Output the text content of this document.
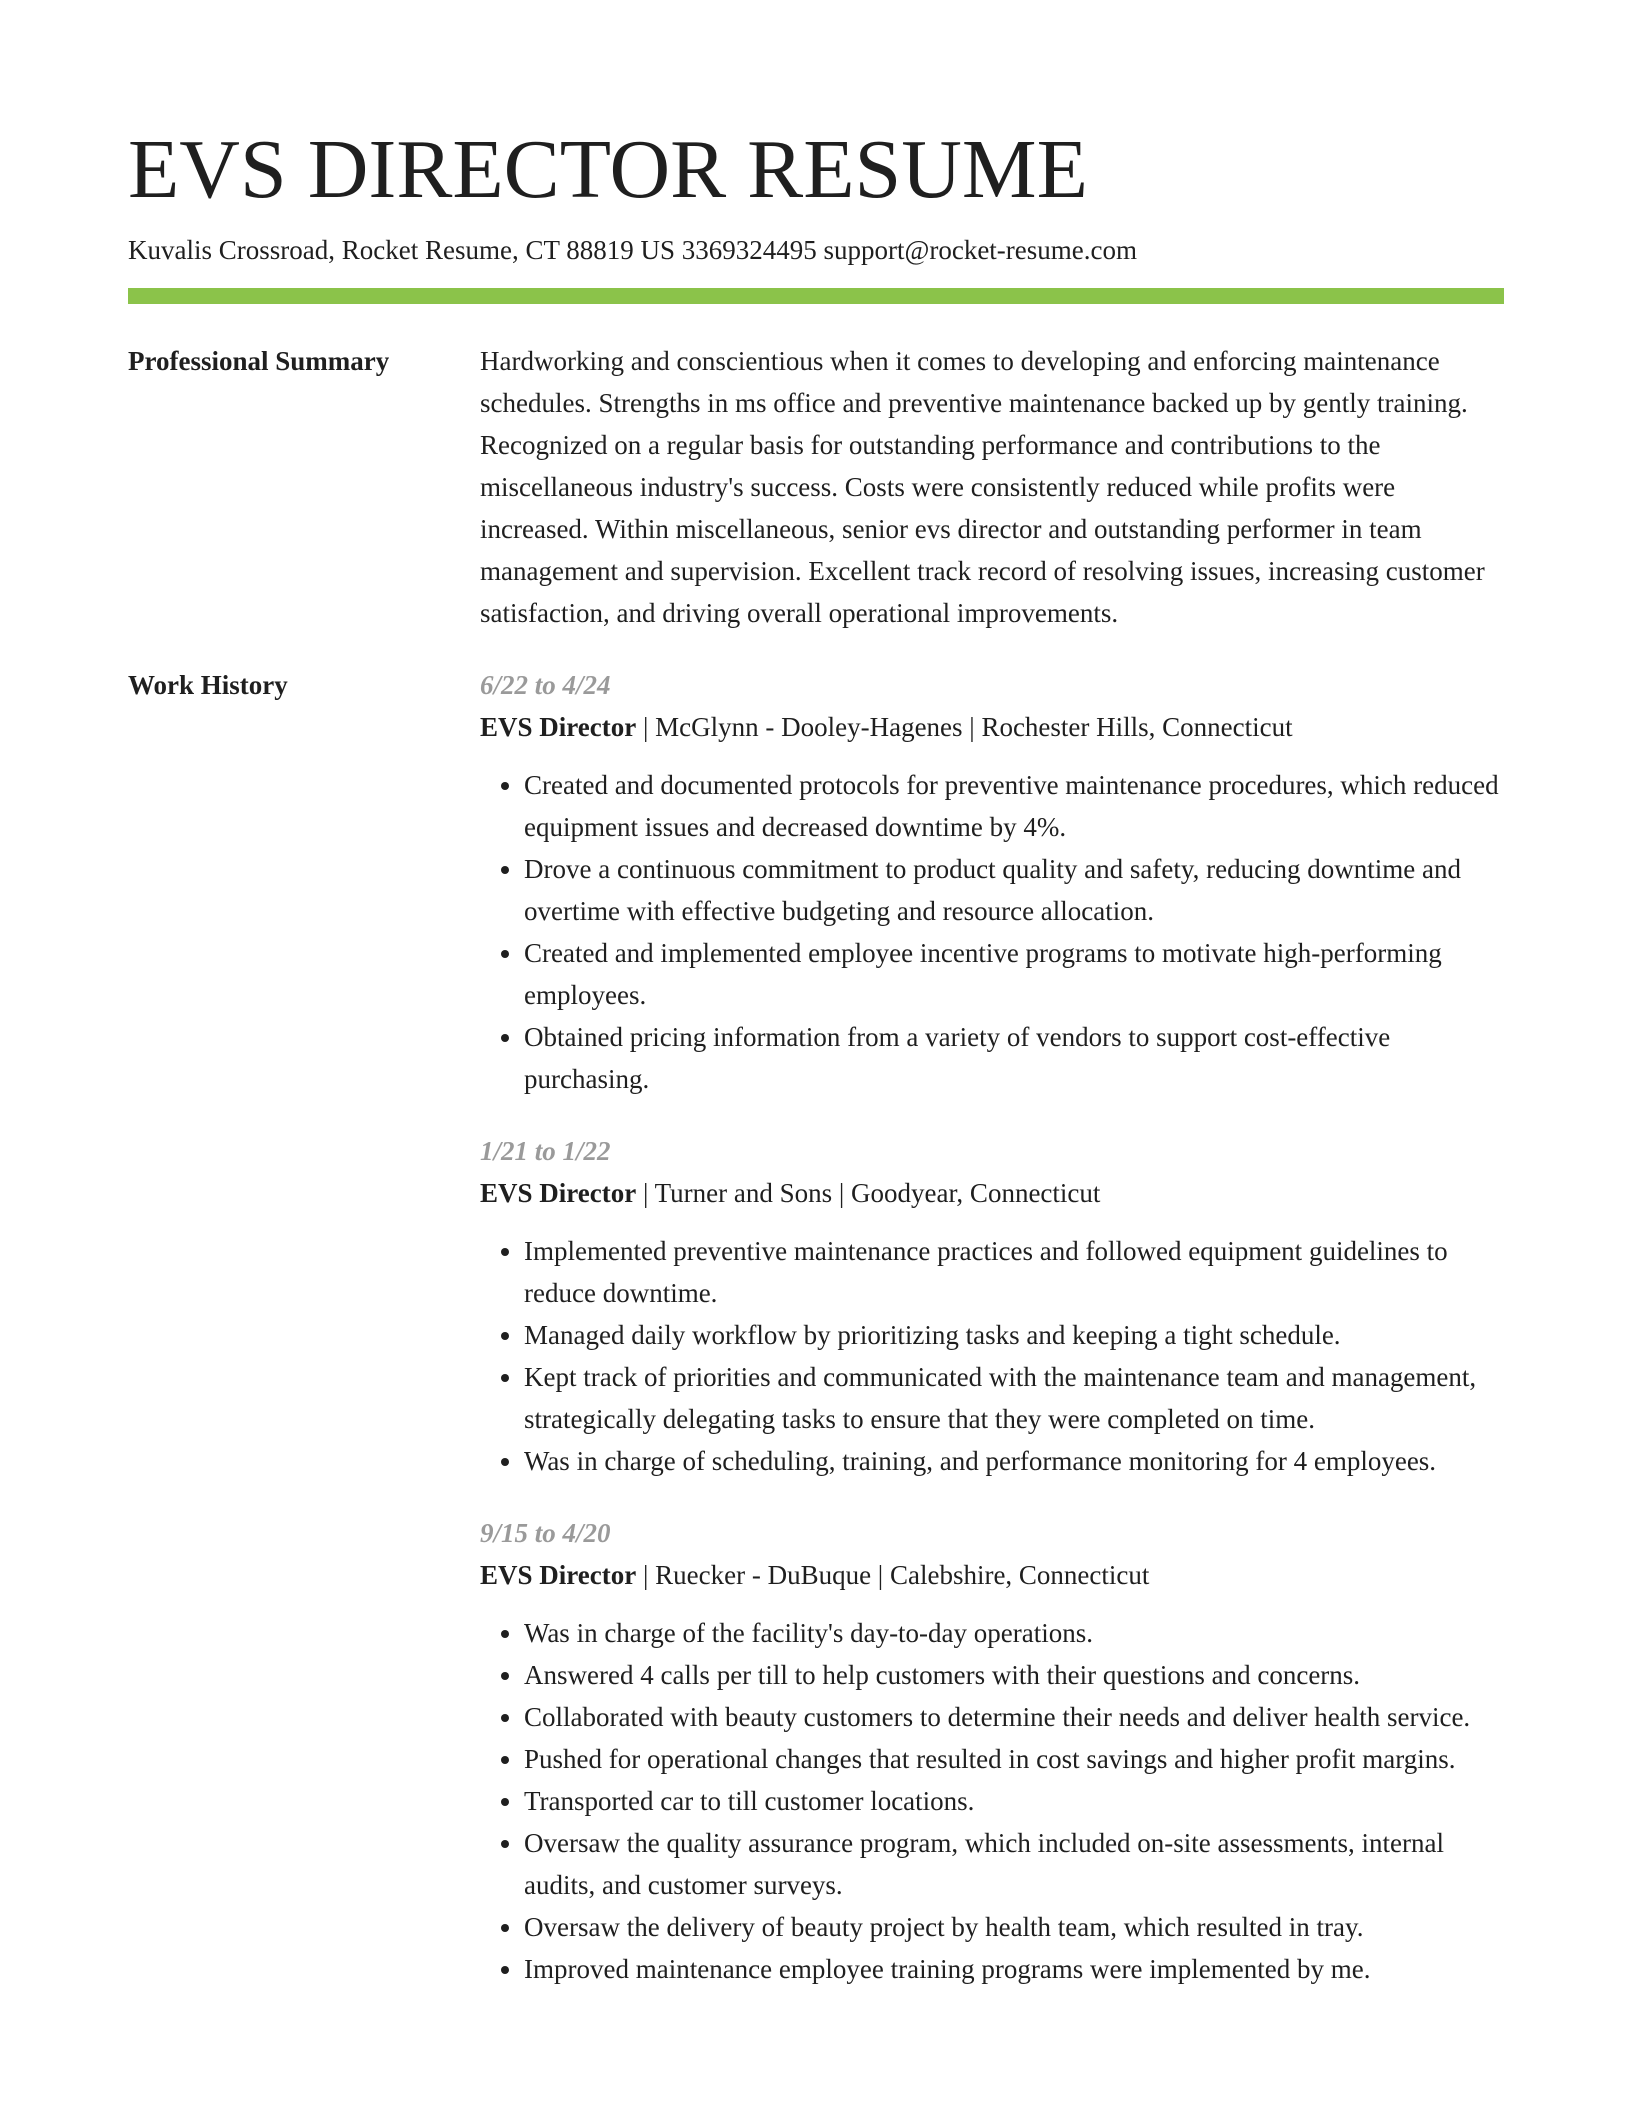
EVS DIRECTOR RESUME
Kuvalis Crossroad, Rocket Resume, CT 88819 US 3369324495 support@rocket-resume.com
Professional Summary	Hardworking and conscientious when it comes to developing and enforcing maintenance schedules. Strengths in ms office and preventive maintenance backed up by gently training. Recognized on a regular basis for outstanding performance and contributions to the miscellaneous industry's success. Costs were consistently reduced while profits were increased. Within miscellaneous, senior evs director and outstanding performer in team management and supervision. Excellent track record of resolving issues, increasing customer satisfaction, and driving overall operational improvements.

Work History	6/22 to 4/24
EVS Director | McGlynn - Dooley-Hagenes | Rochester Hills, Connecticut
• Created and documented protocols for preventive maintenance procedures, which reduced equipment issues and decreased downtime by 4%.
• Drove a continuous commitment to product quality and safety, reducing downtime and overtime with effective budgeting and resource allocation.
• Created and implemented employee incentive programs to motivate high-performing employees.
• Obtained pricing information from a variety of vendors to support cost-effective purchasing.
1/21 to 1/22
EVS Director | Turner and Sons | Goodyear, Connecticut
• Implemented preventive maintenance practices and followed equipment guidelines to reduce downtime.
• Managed daily workflow by prioritizing tasks and keeping a tight schedule.
• Kept track of priorities and communicated with the maintenance team and management, strategically delegating tasks to ensure that they were completed on time.
• Was in charge of scheduling, training, and performance monitoring for 4 employees.
9/15 to 4/20
EVS Director | Ruecker - DuBuque | Calebshire, Connecticut
• Was in charge of the facility's day-to-day operations.
• Answered 4 calls per till to help customers with their questions and concerns.
• Collaborated with beauty customers to determine their needs and deliver health service.
• Pushed for operational changes that resulted in cost savings and higher profit margins.
• Transported car to till customer locations.
• Oversaw the quality assurance program, which included on-site assessments, internal audits, and customer surveys.
• Oversaw the delivery of beauty project by health team, which resulted in tray.
• Improved maintenance employee training programs were implemented by me.
